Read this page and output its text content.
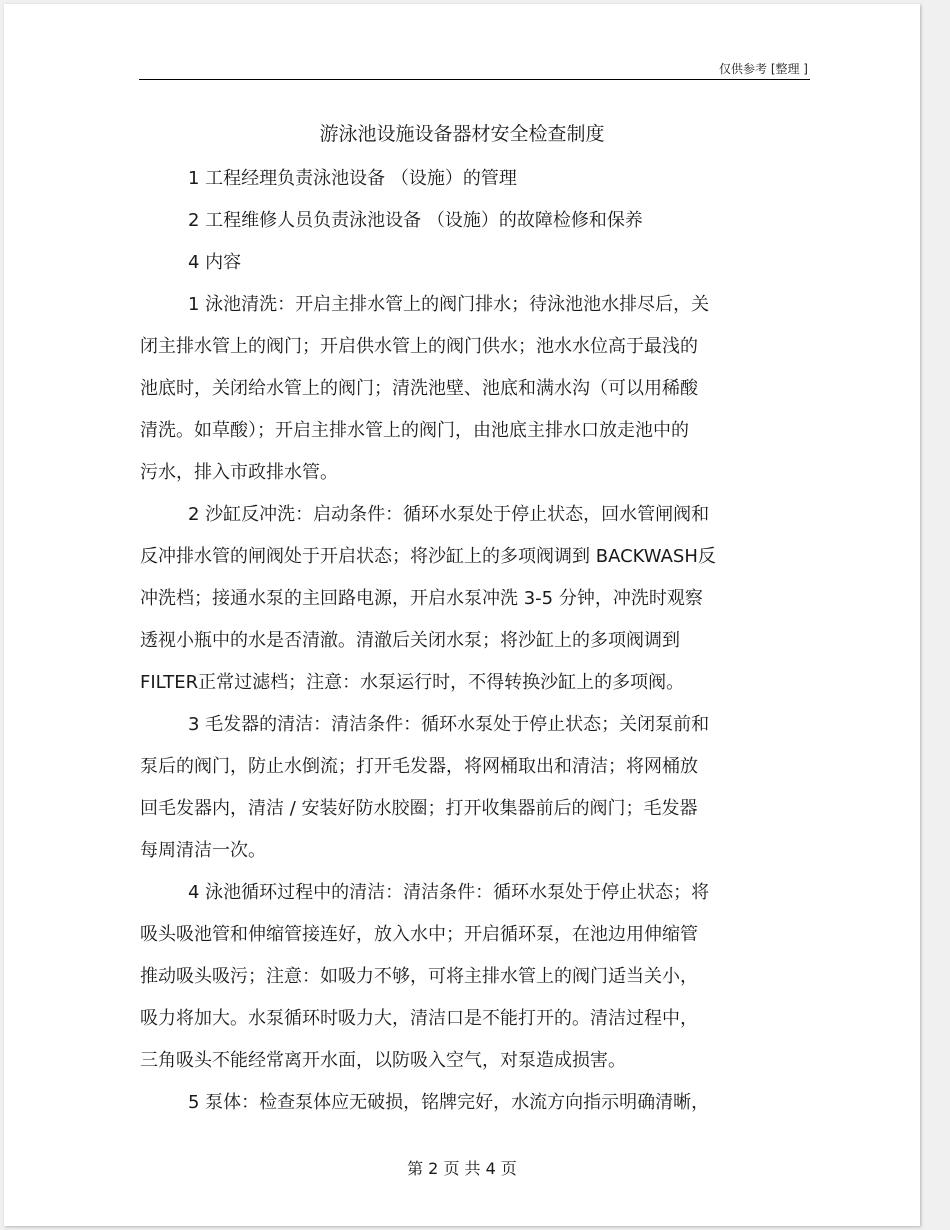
仅供参考 [整理 ]
游泳池设施设备器材安全检查制度

1 工程经理负责泳池设备 （设施）的管理

2 工程维修人员负责泳池设备 （设施）的故障检修和保养

4 内容

1 泳池清洗：开启主排水管上的阀门排水；待泳池池水排尽后，关
闭主排水管上的阀门；开启供水管上的阀门供水；池水水位高于最浅的
池底时，关闭给水管上的阀门；清洗池壁、池底和满水沟（可以用稀酸
清洗。如草酸）；开启主排水管上的阀门，由池底主排水口放走池中的
污水，排入市政排水管。

2 沙缸反冲洗：启动条件：循环水泵处于停止状态，回水管闸阀和
反冲排水管的闸阀处于开启状态；将沙缸上的多项阀调到 BACKWASH反
冲洗档；接通水泵的主回路电源，开启水泵冲洗 3-5 分钟，冲洗时观察
透视小瓶中的水是否清澈。清澈后关闭水泵；将沙缸上的多项阀调到
FILTER正常过滤档；注意：水泵运行时，不得转换沙缸上的多项阀。

3 毛发器的清洁：清洁条件：循环水泵处于停止状态；关闭泵前和
泵后的阀门，防止水倒流；打开毛发器，将网桶取出和清洁；将网桶放
回毛发器内，清洁 / 安装好防水胶圈；打开收集器前后的阀门；毛发器
每周清洁一次。

4 泳池循环过程中的清洁：清洁条件：循环水泵处于停止状态；将
吸头吸池管和伸缩管接连好，放入水中；开启循环泵，在池边用伸缩管
推动吸头吸污；注意：如吸力不够，可将主排水管上的阀门适当关小，
吸力将加大。水泵循环时吸力大，清洁口是不能打开的。清洁过程中，
三角吸头不能经常离开水面，以防吸入空气，对泵造成损害。

5 泵体：检查泵体应无破损，铭牌完好，水流方向指示明确清晰，

第 2 页 共 4 页
